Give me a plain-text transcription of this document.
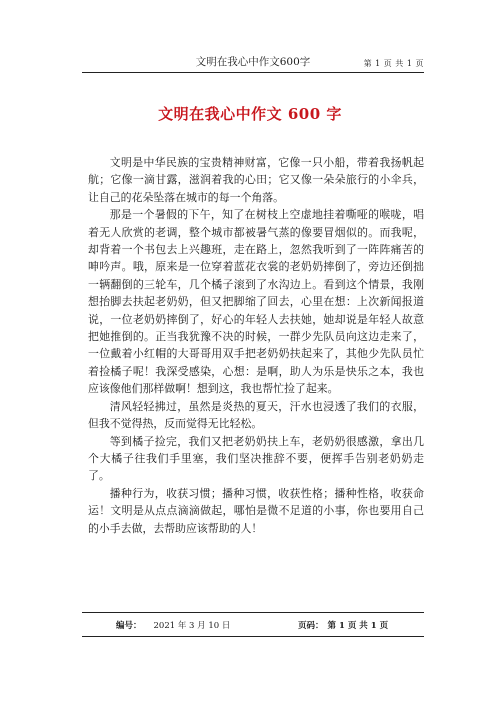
文明在我心中作文600字	第 1 页 共 1 页
文明在我心中作文 600 字

文明是中华民族的宝贵精神财富，它像一只小船，带着我扬帆起航；它像一滴甘露，滋润着我的心田；它又像一朵朵旅行的小伞兵，让自己的花朵坠落在城市的每一个角落。

那是一个暑假的下午，知了在树枝上空虚地挂着嘶哑的喉咙，唱着无人欣赏的老调，整个城市都被暑气蒸的像要冒烟似的。而我呢，却背着一个书包去上兴趣班，走在路上，忽然我听到了一阵阵痛苦的呻吟声。哦，原来是一位穿着蓝花衣裳的老奶奶摔倒了，旁边还倒拙一辆翻倒的三轮车，几个橘子滚到了水沟边上。看到这个情景，我刚想抬脚去扶起老奶奶，但又把脚缩了回去，心里在想：上次新闻报道说，一位老奶奶摔倒了，好心的年轻人去扶她，她却说是年轻人故意把她推倒的。正当我犹豫不决的时候，一群少先队员向这边走来了，一位戴着小红帽的大哥哥用双手把老奶奶扶起来了，其他少先队员忙着捡橘子呢！我深受感染，心想：是啊，助人为乐是快乐之本，我也应该像他们那样做啊！想到这，我也帮忙捡了起来。

清风轻轻拂过，虽然是炎热的夏天，汗水也浸透了我们的衣服，但我不觉得热，反而觉得无比轻松。

等到橘子捡完，我们又把老奶奶扶上车，老奶奶很感激，拿出几个大橘子往我们手里塞，我们坚决推辞不要，便挥手告别老奶奶走了。

播种行为，收获习惯；播种习惯，收获性格；播种性格，收获命运！文明是从点点滴滴做起，哪怕是微不足道的小事，你也要用自己的小手去做，去帮助应该帮助的人！

编号： 2021 年 3 月 10 日	页码： 第 1 页 共 1 页
